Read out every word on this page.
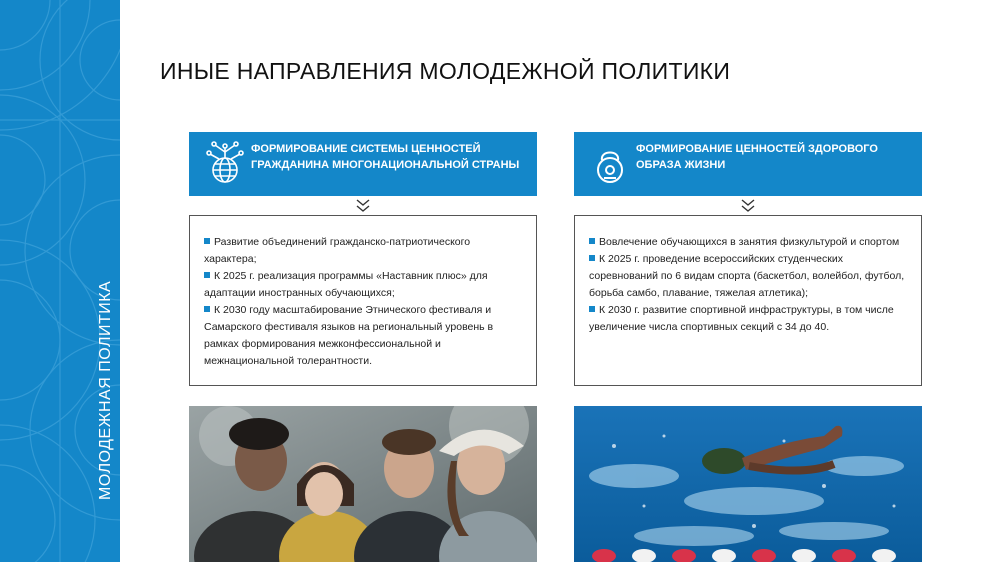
МОЛОДЕЖНАЯ ПОЛИТИКА
ИНЫЕ НАПРАВЛЕНИЯ МОЛОДЕЖНОЙ ПОЛИТИКИ
ФОРМИРОВАНИЕ СИСТЕМЫ ЦЕННОСТЕЙ ГРАЖДАНИНА МНОГОНАЦИОНАЛЬНОЙ СТРАНЫ
ФОРМИРОВАНИЕ ЦЕННОСТЕЙ ЗДОРОВОГО ОБРАЗА ЖИЗНИ

Развитие объединений гражданско-патриотического характера;

К 2025 г. реализация программы «Наставник плюс» для адаптации иностранных обучающихся;

К 2030 году масштабирование Этнического фестиваля и Самарского фестиваля языков на региональный уровень в рамках формирования межконфессиональной и межнациональной толерантности.

Вовлечение обучающихся в занятия физкультурой и спортом

К 2025 г. проведение всероссийских студенческих соревнований по 6 видам спорта (баскетбол, волейбол, футбол, борьба самбо, плавание, тяжелая атлетика);

К 2030 г. развитие спортивной инфраструктуры, в том числе увеличение числа спортивных секций с 34 до 40.
